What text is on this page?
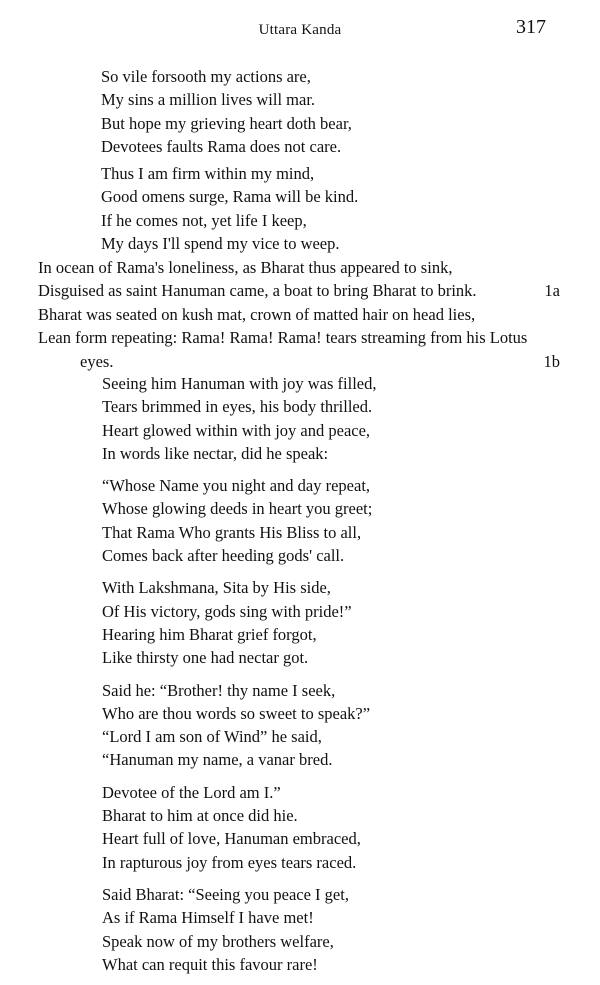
Uttara Kanda	317
So vile forsooth my actions are,
My sins a million lives will mar.
But hope my grieving heart doth bear,
Devotees faults Rama does not care.
Thus I am firm within my mind,
Good omens surge, Rama will be kind.
If he comes not, yet life I keep,
My days I'll spend my vice to weep.
In ocean of Rama's loneliness, as Bharat thus appeared to sink,
Disguised as saint Hanuman came, a boat to bring Bharat to brink.	1a
Bharat was seated on kush mat, crown of matted hair on head lies,
Lean form repeating: Rama! Rama! Rama! tears streaming from his Lotus
eyes.	1b
Seeing him Hanuman with joy was filled,
Tears brimmed in eyes, his body thrilled.
Heart glowed within with joy and peace,
In words like nectar, did he speak:
“Whose Name you night and day repeat,
Whose glowing deeds in heart you greet;
That Rama Who grants His Bliss to all,
Comes back after heeding gods' call.
With Lakshmana, Sita by His side,
Of His victory, gods sing with pride!”
Hearing him Bharat grief forgot,
Like thirsty one had nectar got.
Said he: “Brother! thy name I seek,
Who are thou words so sweet to speak?”
“Lord I am son of Wind” he said,
“Hanuman my name, a vanar bred.
Devotee of the Lord am I.”
Bharat to him at once did hie.
Heart full of love, Hanuman embraced,
In rapturous joy from eyes tears raced.
Said Bharat: “Seeing you peace I get,
As if Rama Himself I have met!
Speak now of my brothers welfare,
What can requit this favour rare!
